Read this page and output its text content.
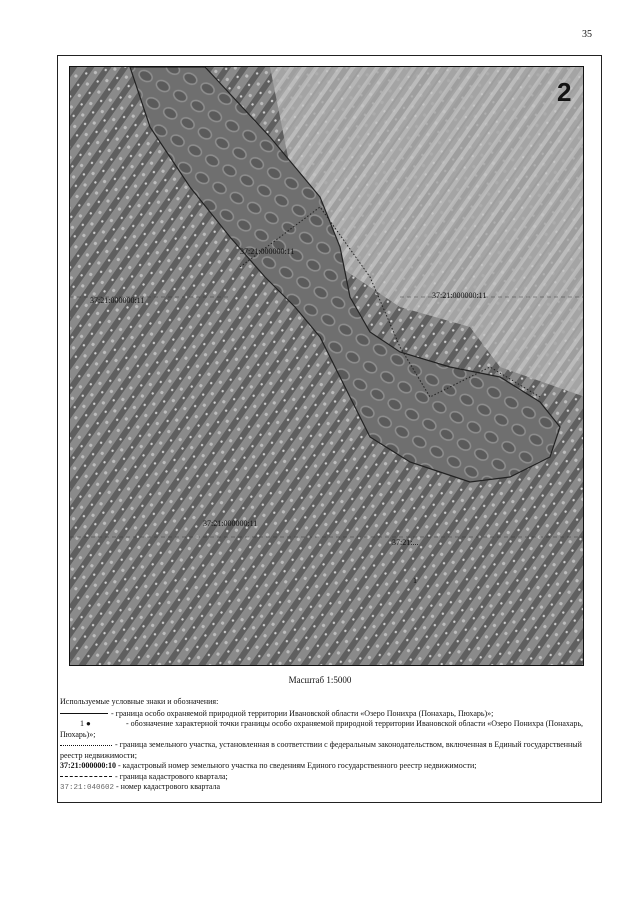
35
37:21:000000:11
37:21:000000:11
37:21:000000:11
37:21:000000:11
37:21:...
1
2
Масштаб 1:5000

Используемые условные знаки и обозначения:

- граница особо охраняемой природной территории Ивановской области «Озеро Понихра (Понахарь, Пюхарь)»;

1 ●	- обозначение характерной точки границы особо охраняемой природной территории Ивановской области «Озеро Понихра (Понахарь, Пюхарь)»;

- граница земельного участка, установленная в соответствии с федеральным законодательством, включенная в Единый государственный реестр недвижимости;

37:21:000000:10 - кадастровый номер земельного участка по сведениям Единого государственного реестр недвижимости;

- граница кадастрового квартала;

37:21:040602 - номер кадастрового квартала
